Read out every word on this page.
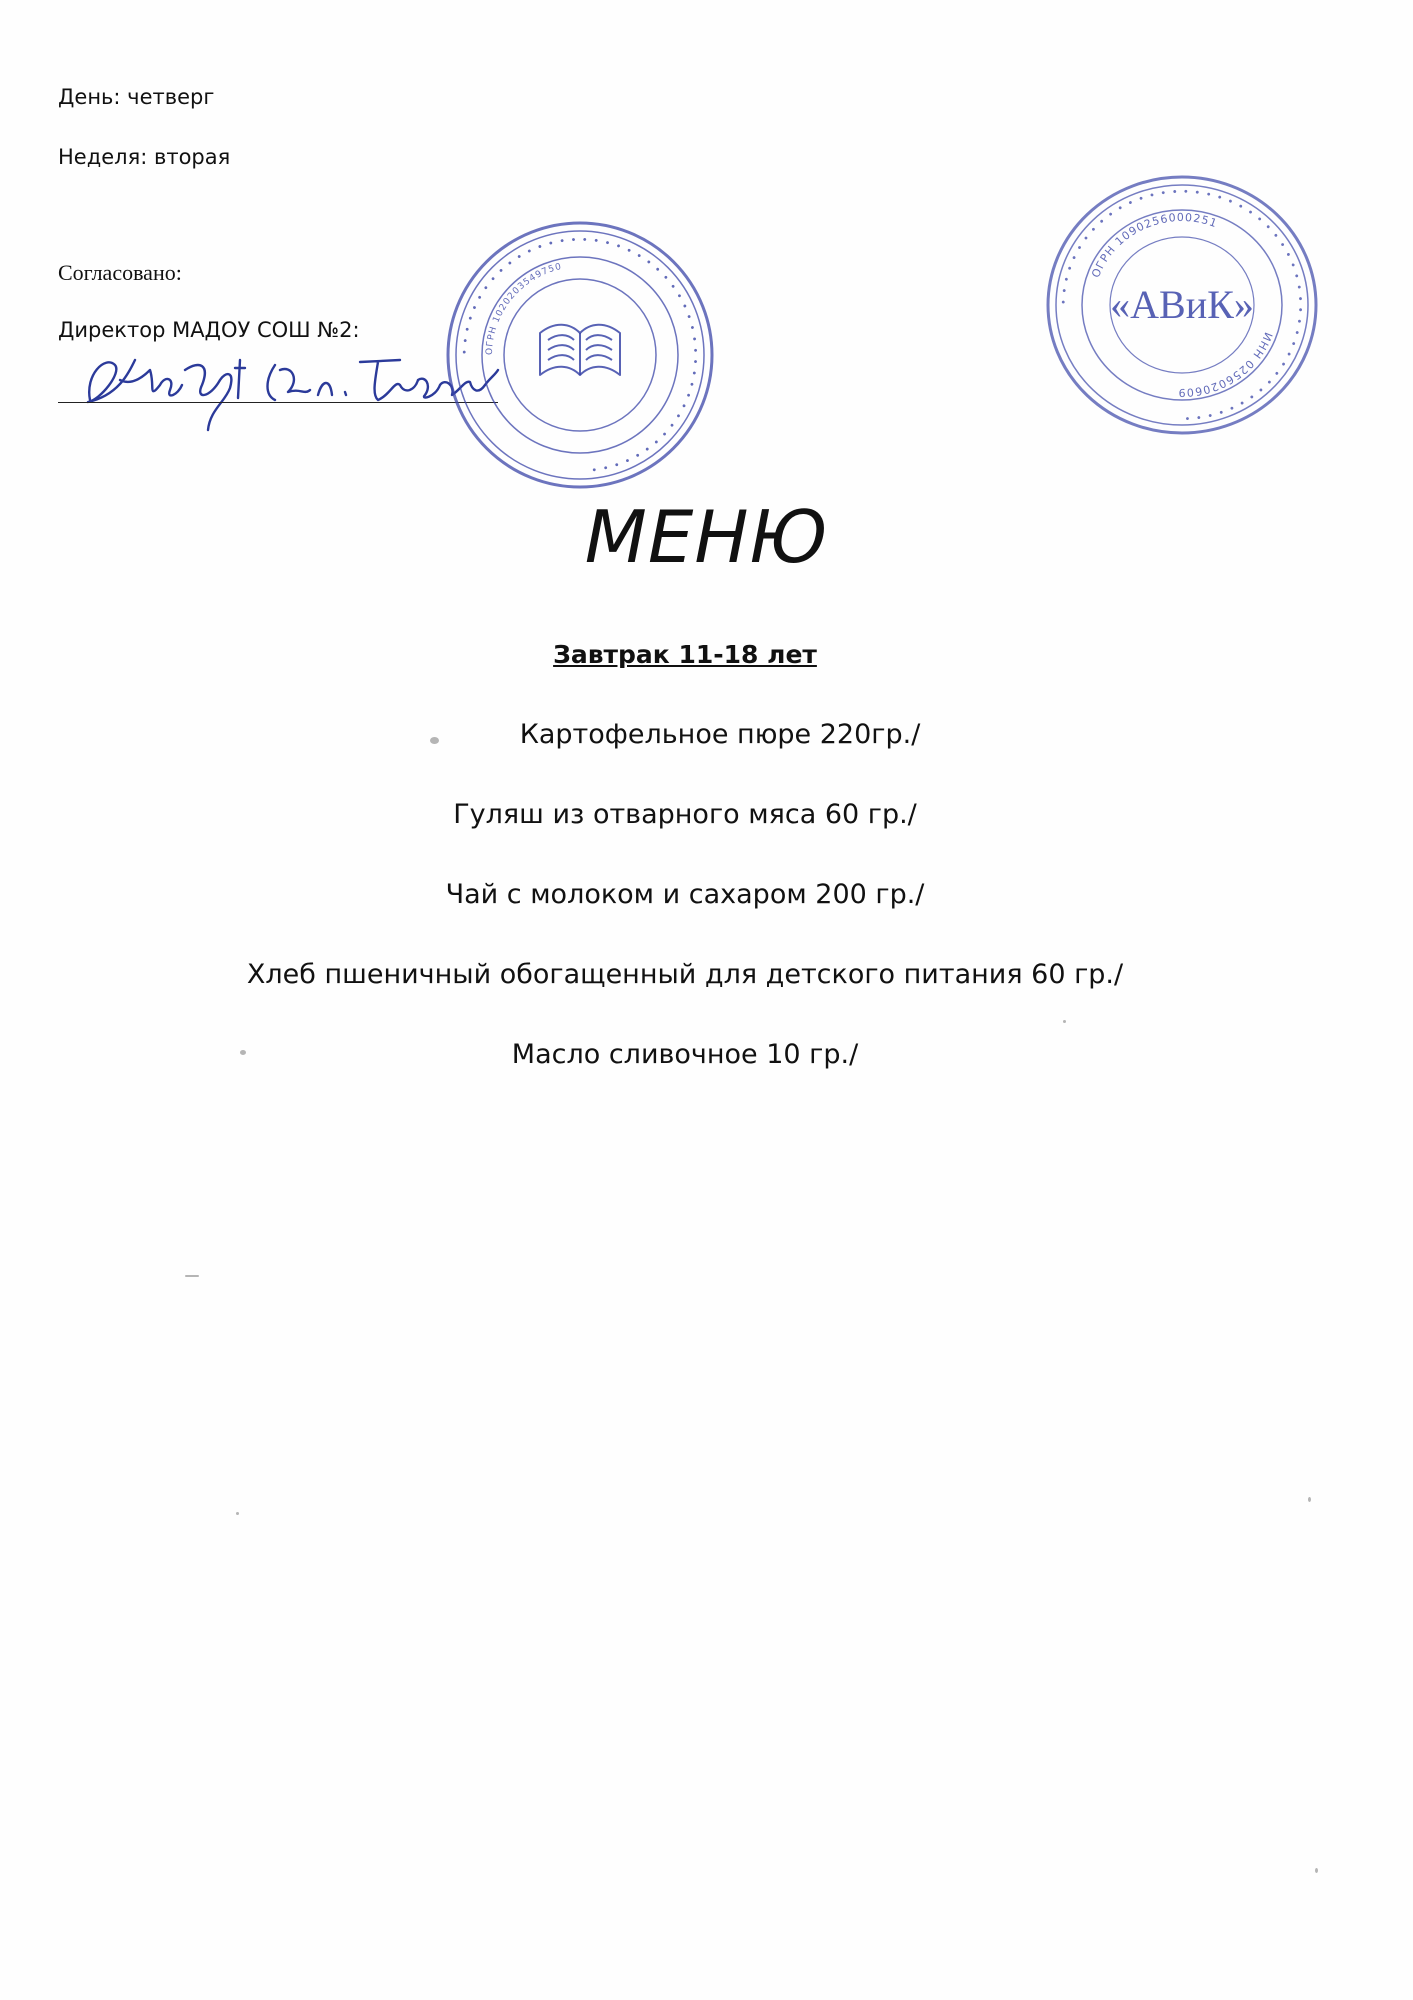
День: четверг
Неделя: вторая
Согласовано:
Директор МАДОУ СОШ №2:
• • • • • • • • • • • • • • • • • • • • • • • • • • • • • • • • • • • • • • • • • • • • • • •
ОГРН 1020203549750
• • • • • • • • • • • • • • • • • • • • • • • • • • • • • • • • • • • • • • • • • • • • • • • •
ОГРН 1090256000251
ИНН 0256020609
«АВиК»
МЕНЮ
Завтрак 11-18 лет
Картофельное пюре 220гр./
Гуляш из отварного мяса 60 гр./
Чай с молоком и сахаром 200 гр./
Хлеб пшеничный обогащенный для детского питания 60 гр./
Масло сливочное 10 гр./
